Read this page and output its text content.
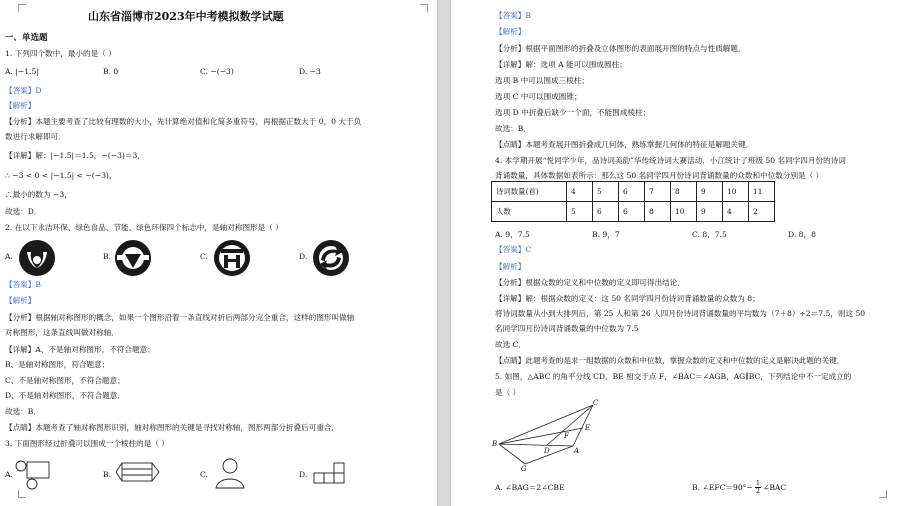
山东省淄博市2023年中考模拟数学试题
一、单选题
1. 下列四个数中，最小的是（ ）
A. |−1.5|	B. 0	C. −(−3)	D. −3
【答案】D
【解析】
【分析】本题主要考查了比较有理数的大小，先计算绝对值和化简多重符号，再根据正数大于 0，0 大于负
数进行求解即可．
【详解】解：|−1.5|＝1.5，−(−3)＝3，
∴ −3 < 0 < |−1.5| < −(−3)，
∴最小的数为 −3，
故选：D．
2. 在以下永洁环保、绿色食品、节能、绿色环保四个标志中，是轴对称图形是（ ）
A.	B.	C.	D.
【答案】B
【解析】
【分析】根据轴对称图形的概念，如果一个图形沿着一条直线对折后两部分完全重合，这样的图形叫做轴
对称图形，这条直线叫做对称轴．
【详解】A、不是轴对称图形，不符合题意；
B、是轴对称图形，符合题意；
C、不是轴对称图形，不符合题意；
D、不是轴对称图形，不符合题意．
故选：B．
【点睛】本题考查了轴对称图形识别，轴对称图形的关键是寻找对称轴，图形两部分折叠后可重合．
3. 下面图形经过折叠可以围成一个棱柱的是（ ）
A.	B.	C.	D.
【答案】B
【解析】
【分析】根据平面图形的折叠及立体图形的表面展开图的特点与性质解题．
【详解】解：选项 A 能可以围成圆柱；
选项 B 中可以围成三棱柱；
选项 C 中可以围成圆锥；
选项 D 中折叠后缺少一个面，不能围成棱柱；
故选：B．
【点睛】本题考查展开图折叠成几何体，熟练掌握几何体的特征是解题关键．
4. 本学期开展“悦同学少年，品诗词美韵”华传统诗词大赛活动．小江统计了班级 50 名同学四月份的诗词
背诵数量，具体数据如表所示：那么这 50 名同学四月份诗词背诵数量的众数和中位数分别是（ ）
诗词数量(首)	4	5	6	7	8	9	10	11
人数	5	6	6	8	10	9	4	2
A. 9，7.5	B. 9，7	C. 8，7.5	D. 8，8
【答案】C
【解析】
【分析】根据众数的定义和中位数的定义即可得出结论．
【详解】解：根据众数的定义：这 50 名同学四月份诗词背诵数量的众数为 8；
将诗词数量从小到大排列后，第 25 人和第 26 人四月份诗词背诵数量的平均数为（7＋8）÷2＝7.5，则这 50
名同学四月份诗词背诵数量的中位数为 7.5
故选 C．
【点睛】此题考查的是求一组数据的众数和中位数，掌握众数的定义和中位数的定义是解决此题的关键．
5. 如图，△ABC 的角平分线 CD，BE 相交于点 F，∠BAC＝∠AGB，AG∥BC，下列结论中不一定成立的
是（ ）
C
E
F
B
D	A
G
A. ∠BAG＝2∠CBE	B. ∠EFC＝90°− $\frac{1}{2}$ ∠BAC
